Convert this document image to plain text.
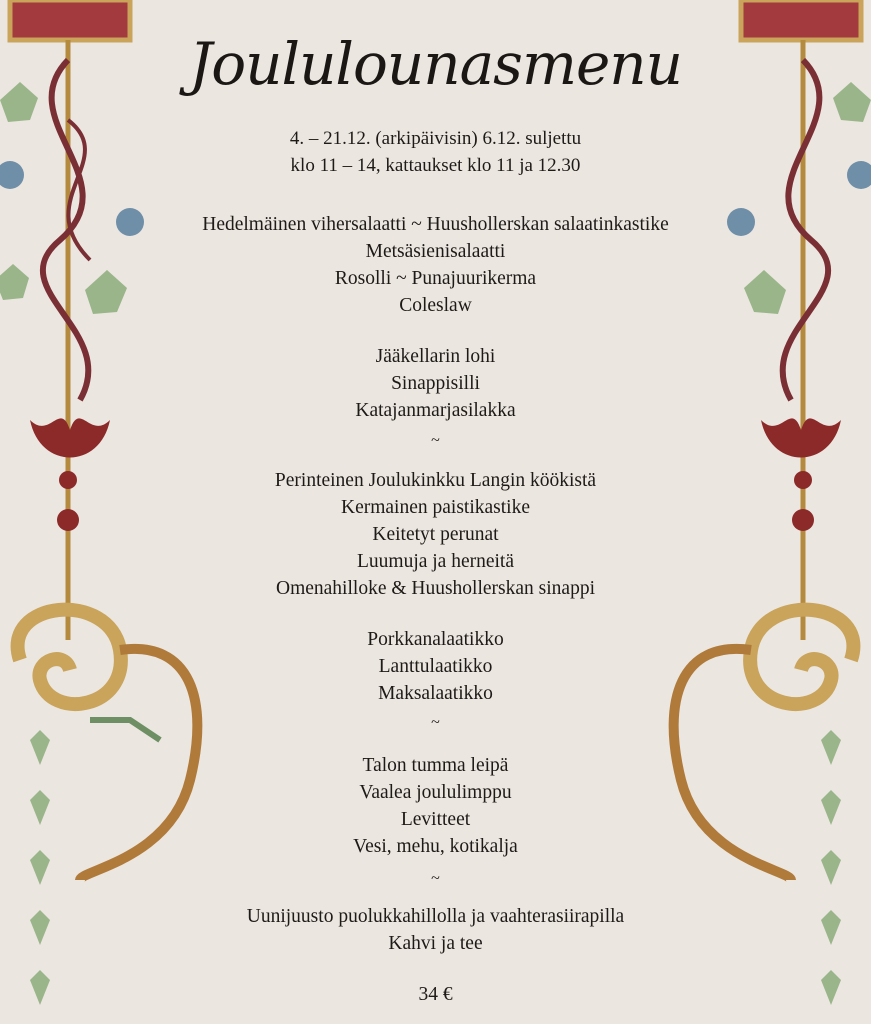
Joululounasmenu
4. – 21.12. (arkipäivisin) 6.12. suljettu
klo 11 – 14, kattaukset klo 11 ja 12.30
Hedelmäinen vihersalaatti ~ Huushollerskan salaatinkastike
Metsäsienisalaatti
Rosolli ~ Punajuurikerma
Coleslaw
Jääkellarin lohi
Sinappisilli
Katajanmarjasilakka
~
Perinteinen Joulukinkku Langin köökistä
Kermainen paistikastike
Keitetyt perunat
Luumuja ja herneitä
Omenahilloke & Huushollerskan sinappi
Porkkanalaatikko
Lanttulaatikko
Maksalaatikko
~
Talon tumma leipä
Vaalea joululimppu
Levitteet
Vesi, mehu, kotikalja
~
Uunijuusto puolukkahillolla ja vaahterasiirapilla
Kahvi ja tee
34 €
